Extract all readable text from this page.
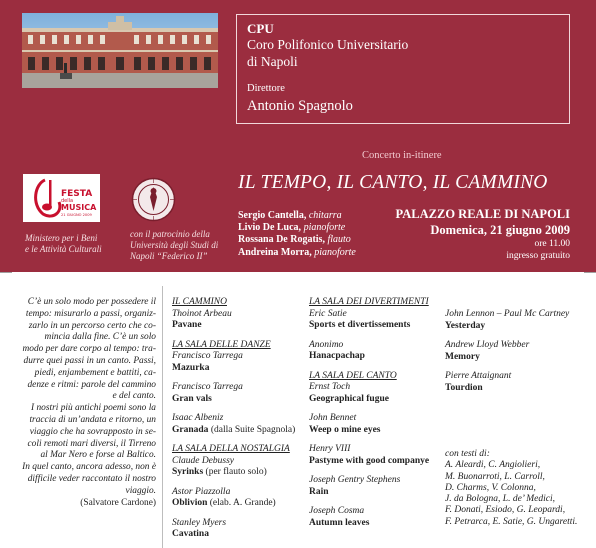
CPU
Coro Polifonico Universitario
di Napoli
Direttore
Antonio Spagnolo
Concerto in-itinere
IL TEMPO, IL CANTO, IL CAMMINO
FESTA
della
MUSICA
21 GIUGNO 2009
Ministero per i Beni
e le Attività Culturali
con il patrocinio della
Università degli Studi di
Napoli “Federico II”
Sergio Cantella, chitarra
Livio De Luca, pianoforte
Rossana De Rogatis, flauto
Andreina Morra, pianoforte
PALAZZO REALE DI NAPOLI
Domenica, 21 giugno 2009
ore 11.00
ingresso gratuito
C’è un solo modo per possedere il
tempo: misurarlo a passi, organiz-
zarlo in un percorso certo che co-
mincia dalla fine. C’è un solo
modo per dare corpo al tempo: tra-
durre quei passi in un canto. Passi,
piedi, enjambement e battiti, ca-
denze e ritmi: parole del cammino
e del canto.
I nostri più antichi poemi sono la
traccia di un’andata e ritorno, un
viaggio che ha sovrapposto in se-
coli remoti mari diversi, il Tirreno
al Mar Nero e forse al Baltico.
In quel canto, ancora adesso, non è
difficile veder raccontato il nostro
viaggio.
(Salvatore Cardone)
IL CAMMINO
Thoinot Arbeau
Pavane
LA SALA DELLE DANZE
Francisco Tarrega
Mazurka
Francisco Tarrega
Gran vals
Isaac Albeniz
Granada (dalla Suite Spagnola)
LA SALA DELLA NOSTALGIA
Claude Debussy
Syrinks (per flauto solo)
Astor Piazzolla
Oblivion (elab. A. Grande)
Stanley Myers
Cavatina
LA SALA DEI DIVERTIMENTI
Eric Satie
Sports et divertissements
Anonimo
Hanacpachap
LA SALA DEL CANTO
Ernst Toch
Geographical fugue
John Bennet
Weep o mine eyes
Henry VIII
Pastyme with good companye
Joseph Gentry Stephens
Rain
Joseph Cosma
Autumn leaves
John Lennon – Paul Mc Cartney
Yesterday
Andrew Lloyd Webber
Memory
Pierre Attaignant
Tourdion
con testi di:
A. Aleardi, C. Angiolieri,
M. Buonarroti, L. Carroll,
D. Charms, V. Colonna,
J. da Bologna, L. de’ Medici,
F. Donati, Esiodo, G. Leopardi,
F. Petrarca, E. Satie, G. Ungaretti.
